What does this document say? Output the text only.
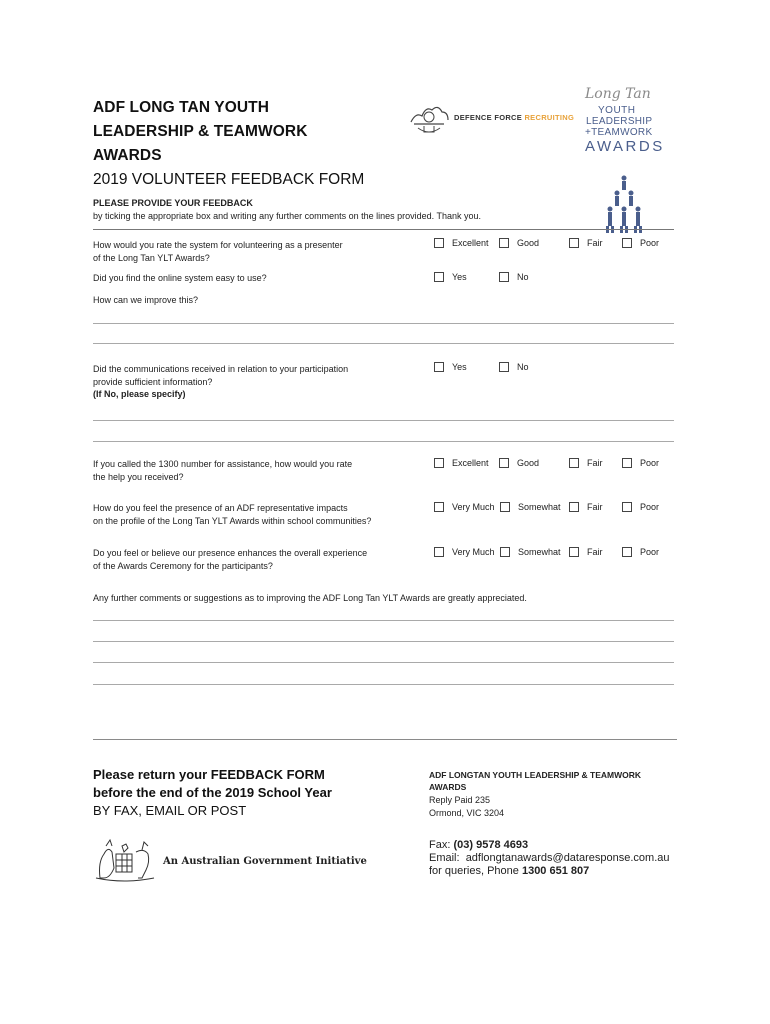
ADF LONG TAN YOUTH
LEADERSHIP & TEAMWORK
AWARDS
2019 VOLUNTEER FEEDBACK FORM
DEFENCE FORCE RECRUITING
Long Tan
YOUTH
LEADERSHIP
+TEAMWORK
AWARDS
PLEASE PROVIDE YOUR FEEDBACK
by ticking the appropriate box and writing any further comments on the lines provided. Thank you.
How would you rate the system for volunteering as a presenter
of the Long Tan YLT Awards?
Excellent	Good	Fair	Poor
Did you find the online system easy to use?	Yes	No
How can we improve this?
Did the communications received in relation to your participation
provide sufficient information?
(If No, please specify)
Yes	No
If you called the 1300 number for assistance, how would you rate
the help you received?
Excellent	Good	Fair	Poor
How do you feel the presence of an ADF representative impacts
on the profile of the Long Tan YLT Awards within school communities?
Very Much	Somewhat	Fair	Poor
Do you feel or believe our presence enhances the overall experience
of the Awards Ceremony for the participants?
Very Much	Somewhat	Fair	Poor
Any further comments or suggestions as to improving the ADF Long Tan YLT Awards are greatly appreciated.
Please return your FEEDBACK FORM
before the end of the 2019 School Year
BY FAX, EMAIL OR POST
An Australian Government Initiative
ADF LONGTAN YOUTH LEADERSHIP & TEAMWORK
AWARDS
Reply Paid 235
Ormond, VIC 3204
Fax: (03) 9578 4693
Email: adflongtanawards@dataresponse.com.au
for queries, Phone 1300 651 807
